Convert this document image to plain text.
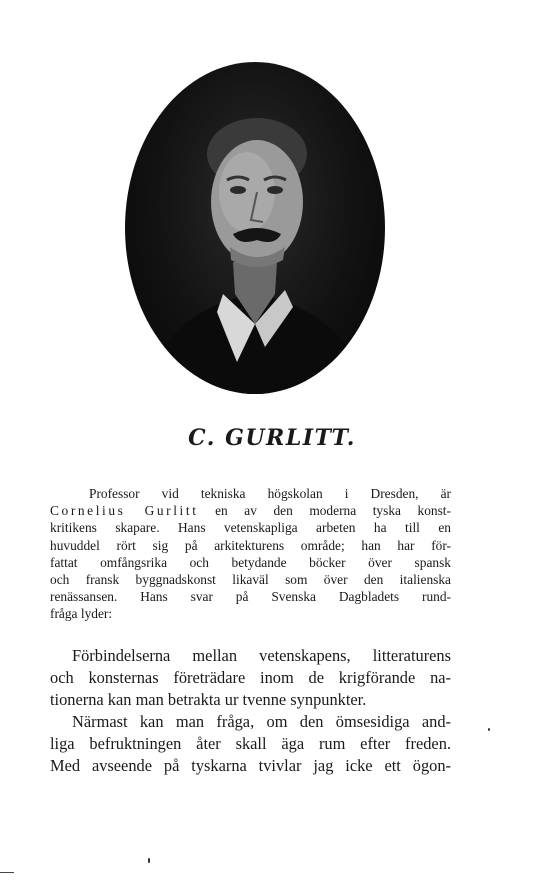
C. GURLITT.

Professor vid tekniska högskolan i Dresden, är
Cornelius Gurlitt en av den moderna tyska konst-
kritikens skapare. Hans vetenskapliga arbeten ha till en
huvuddel rört sig på arkitekturens område; han har för-
fattat omfångsrika och betydande böcker över spansk
och fransk byggnadskonst likaväl som över den italienska
renässansen. Hans svar på Svenska Dagbladets rund-
fråga lyder:

Förbindelserna mellan vetenskapens, litteraturens
och konsternas företrädare inom de krigförande na-
tionerna kan man betrakta ur tvenne synpunkter.

Närmast kan man fråga, om den ömsesidiga and-
liga befruktningen åter skall äga rum efter freden.
Med avseende på tyskarna tvivlar jag icke ett ögon-
